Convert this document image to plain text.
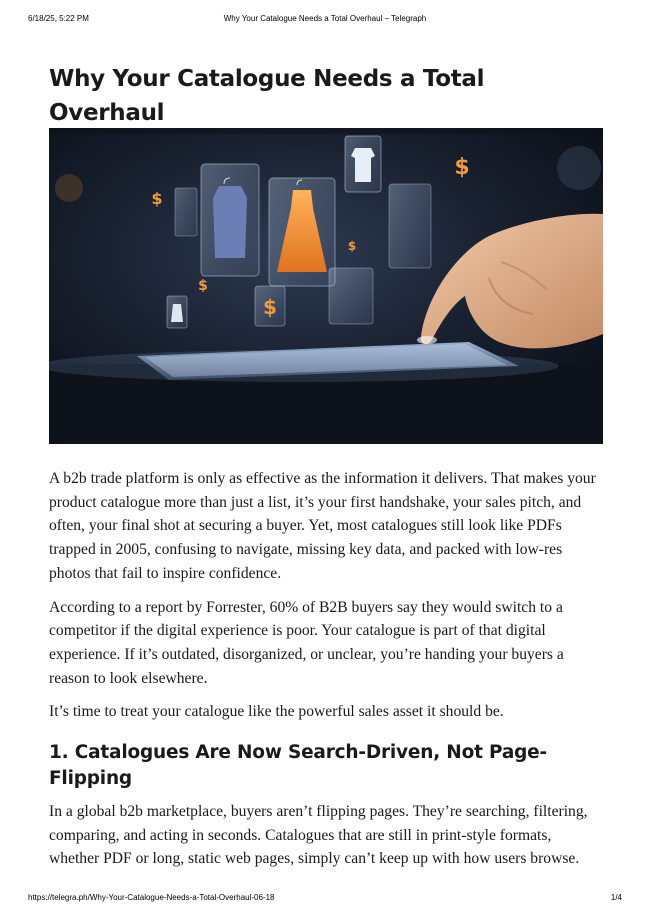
6/18/25, 5:22 PM	Why Your Catalogue Needs a Total Overhaul – Telegraph
Why Your Catalogue Needs a Total Overhaul
$
$
$
$
$

A b2b trade platform is only as effective as the information it delivers. That makes your product catalogue more than just a list, it’s your first handshake, your sales pitch, and often, your final shot at securing a buyer. Yet, most catalogues still look like PDFs trapped in 2005, confusing to navigate, missing key data, and packed with low-res photos that fail to inspire confidence.

According to a report by Forrester, 60% of B2B buyers say they would switch to a competitor if the digital experience is poor. Your catalogue is part of that digital experience. If it’s outdated, disorganized, or unclear, you’re handing your buyers a reason to look elsewhere.

It’s time to treat your catalogue like the powerful sales asset it should be.

1. Catalogues Are Now Search-Driven, Not Page-Flipping

In a global b2b marketplace, buyers aren’t flipping pages. They’re searching, filtering, comparing, and acting in seconds. Catalogues that are still in print-style formats, whether PDF or long, static web pages, simply can’t keep up with how users browse.

https://telegra.ph/Why-Your-Catalogue-Needs-a-Total-Overhaul-06-18	1/4
